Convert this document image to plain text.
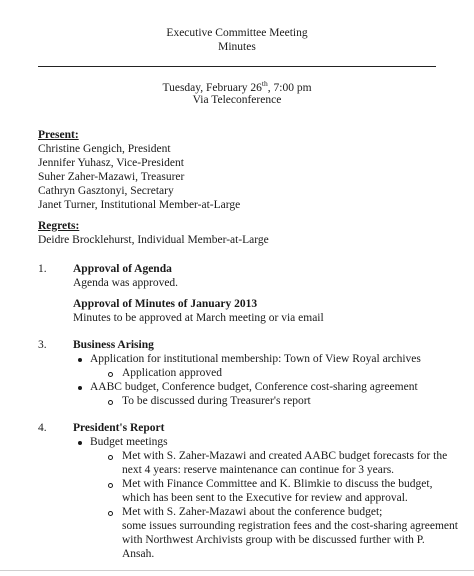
Executive Committee Meeting
Minutes
Tuesday, February 26th, 7:00 pm
Via Teleconference
Present:
Christine Gengich, President
Jennifer Yuhasz, Vice-President
Suher Zaher-Mazawi, Treasurer
Cathryn Gasztonyi, Secretary
Janet Turner, Institutional Member-at-Large
Regrets:
Deidre Brocklehurst, Individual Member-at-Large
1. Approval of Agenda
Agenda was approved.
Approval of Minutes of January 2013
Minutes to be approved at March meeting or via email
3. Business Arising
Application for institutional membership: Town of View Royal archives
Application approved
AABC budget, Conference budget, Conference cost-sharing agreement
To be discussed during Treasurer's report
4. President's Report
Budget meetings
Met with S. Zaher-Mazawi and created AABC budget forecasts for the
next 4 years: reserve maintenance can continue for 3 years.
Met with Finance Committee and K. Blimkie to discuss the budget,
which has been sent to the Executive for review and approval.
Met with S. Zaher-Mazawi about the conference budget;
some issues surrounding registration fees and the cost-sharing agreement
with Northwest Archivists group with be discussed further with P.
Ansah.
